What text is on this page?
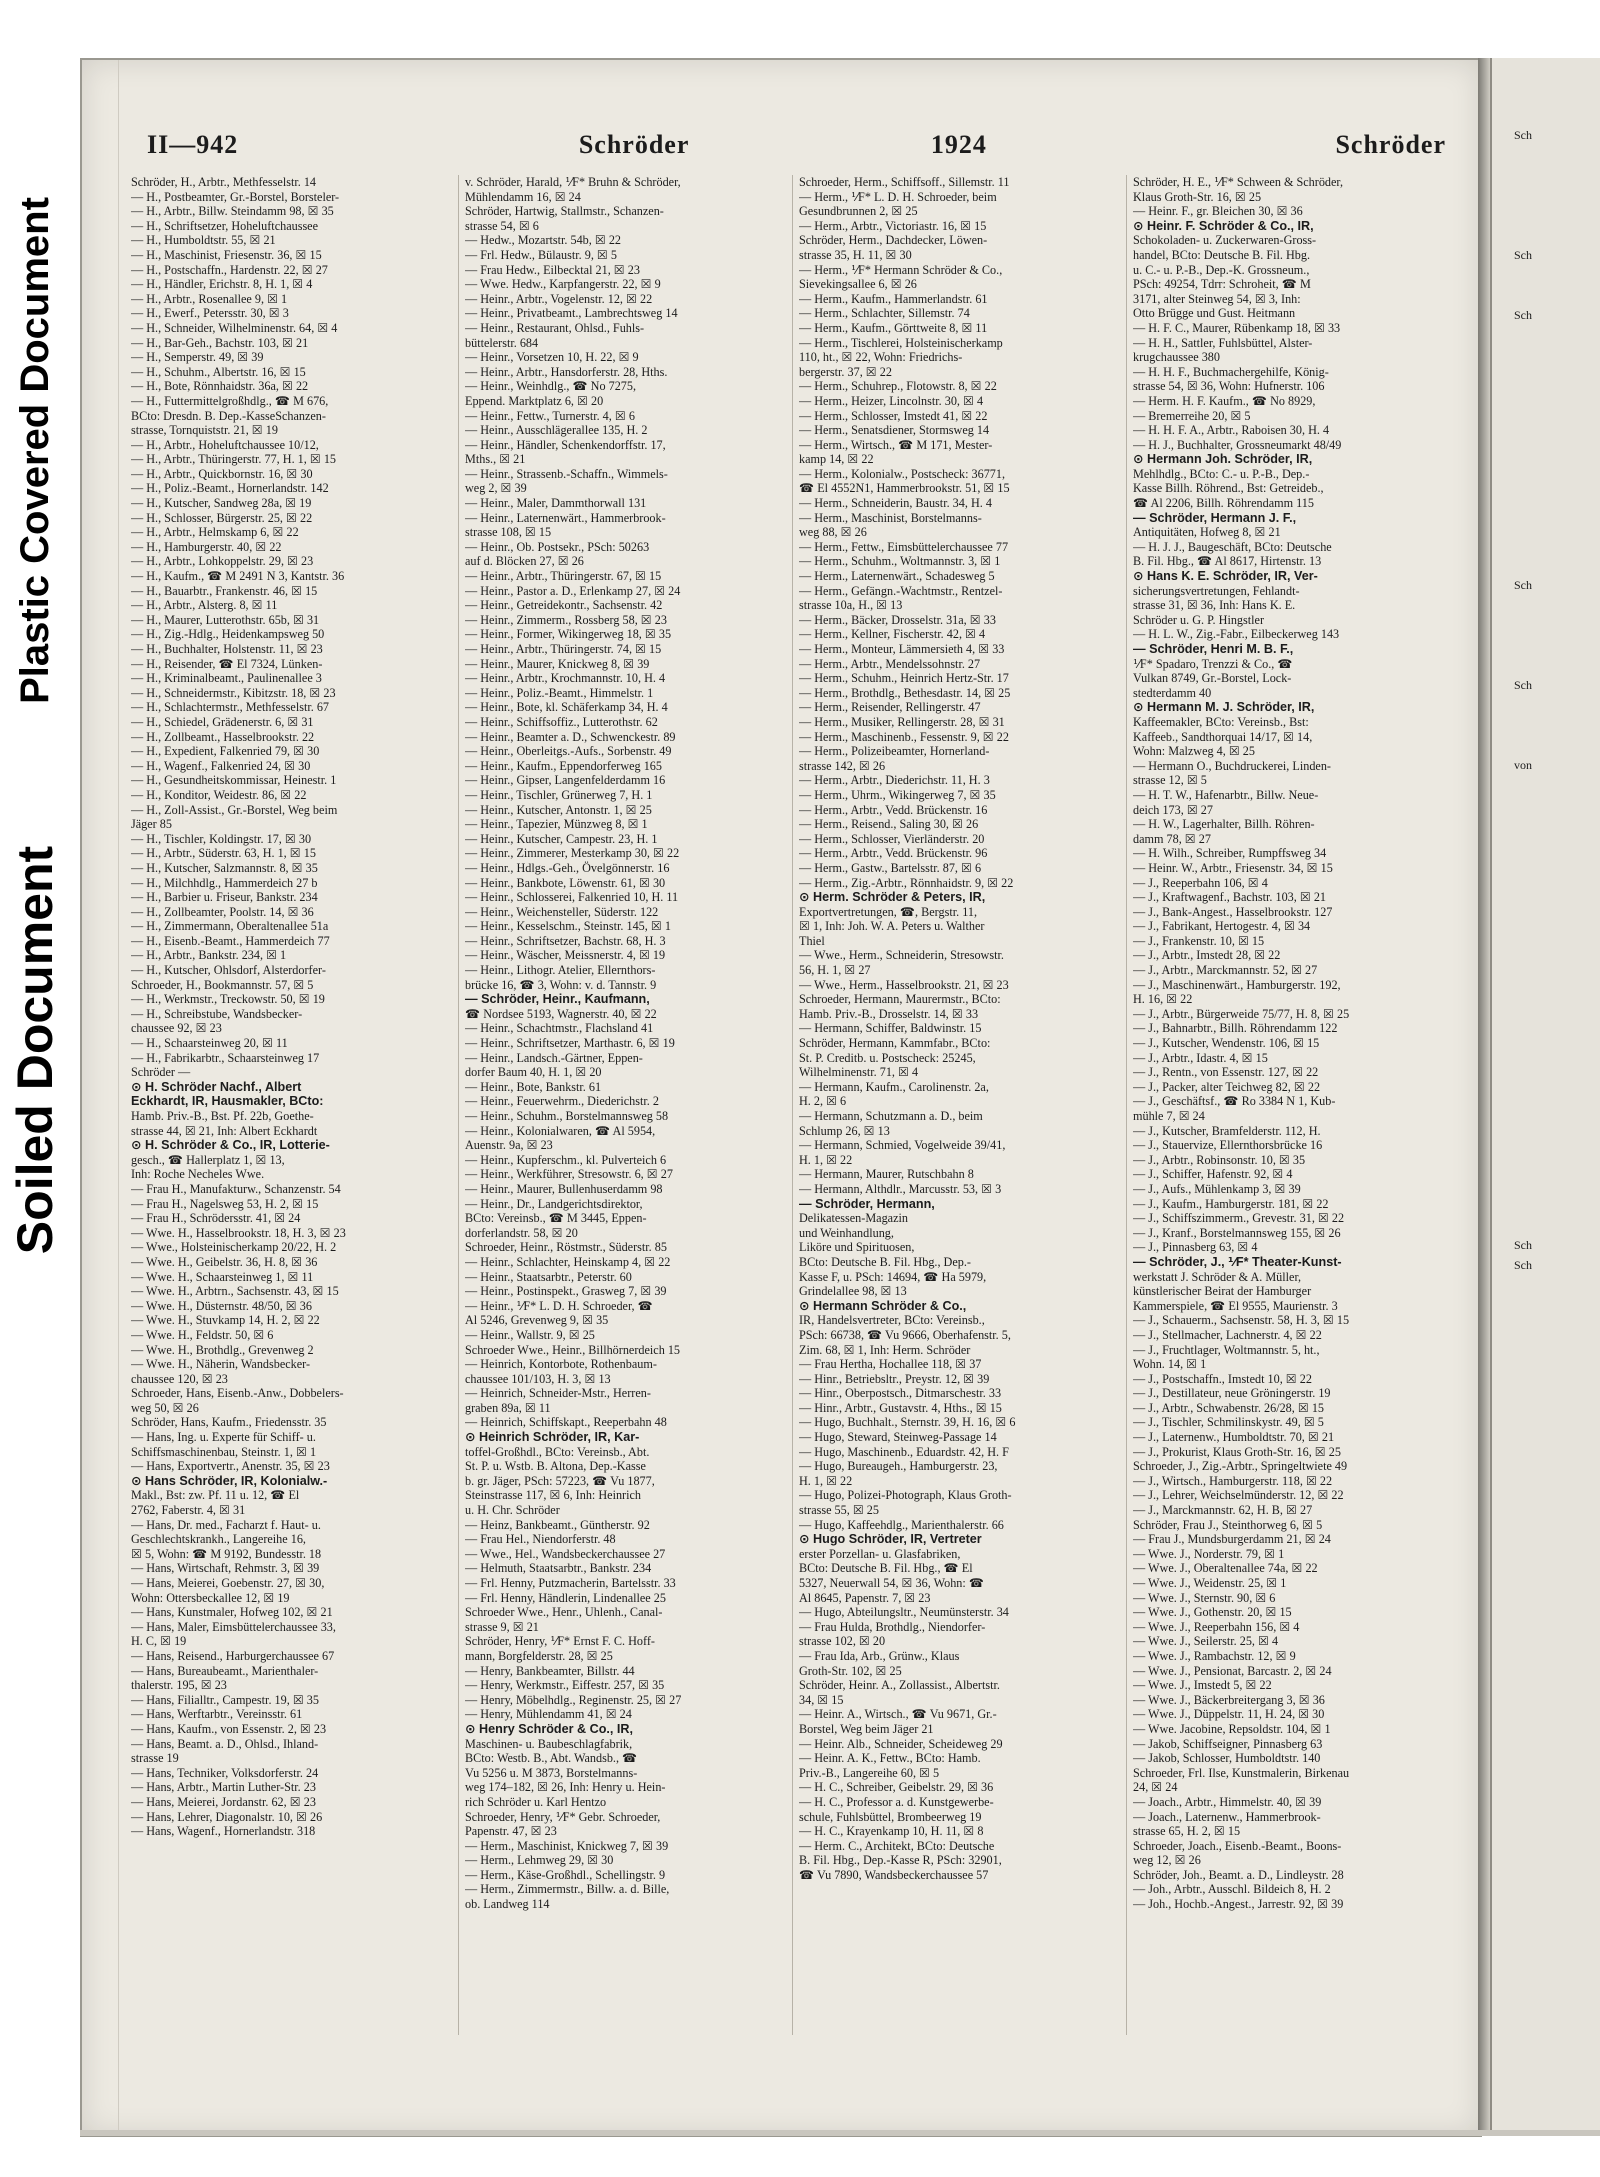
Plastic Covered Document
Soiled Document
II—942	Schröder	1924	Schröder

Schröder, H., Arbtr., Methfesselstr. 14

— H., Postbeamter, Gr.-Borstel, Borsteler-

— H., Arbtr., Billw. Steindamm 98, ☒ 35

— H., Schriftsetzer, Hoheluftchaussee

— H., Humboldtstr. 55, ☒ 21

— H., Maschinist, Friesenstr. 36, ☒ 15

— H., Postschaffn., Hardenstr. 22, ☒ 27

— H., Händler, Erichstr. 8, H. 1, ☒ 4

— H., Arbtr., Rosenallee 9, ☒ 1

— H., Ewerf., Petersstr. 30, ☒ 3

— H., Schneider, Wilhelminenstr. 64, ☒ 4

— H., Bar-Geh., Bachstr. 103, ☒ 21

— H., Semperstr. 49, ☒ 39

— H., Schuhm., Albertstr. 16, ☒ 15

— H., Bote, Rönnhaidstr. 36a, ☒ 22

— H., Futtermittelgroßhdlg., ☎ M 676,

BCto: Dresdn. B. Dep.-KasseSchanzen-

strasse, Tornquiststr. 21, ☒ 19

— H., Arbtr., Hoheluftchaussee 10/12,

— H., Arbtr., Thüringerstr. 77, H. 1, ☒ 15

— H., Arbtr., Quickbornstr. 16, ☒ 30

— H., Poliz.-Beamt., Hornerlandstr. 142

— H., Kutscher, Sandweg 28a, ☒ 19

— H., Schlosser, Bürgerstr. 25, ☒ 22

— H., Arbtr., Helmskamp 6, ☒ 22

— H., Hamburgerstr. 40, ☒ 22

— H., Arbtr., Lohkoppelstr. 29, ☒ 23

— H., Kaufm., ☎ M 2491 N 3, Kantstr. 36

— H., Bauarbtr., Frankenstr. 46, ☒ 15

— H., Arbtr., Alsterg. 8, ☒ 11

— H., Maurer, Lutterothstr. 65b, ☒ 31

— H., Zig.-Hdlg., Heidenkampsweg 50

— H., Buchhalter, Holstenstr. 11, ☒ 23

— H., Reisender, ☎ El 7324, Lünken-

— H., Kriminalbeamt., Paulinenallee 3

— H., Schneidermstr., Kibitzstr. 18, ☒ 23

— H., Schlachtermstr., Methfesselstr. 67

— H., Schiedel, Grädenerstr. 6, ☒ 31

— H., Zollbeamt., Hasselbrookstr. 22

— H., Expedient, Falkenried 79, ☒ 30

— H., Wagenf., Falkenried 24, ☒ 30

— H., Gesundheitskommissar, Heinestr. 1

— H., Konditor, Weidestr. 86, ☒ 22

— H., Zoll-Assist., Gr.-Borstel, Weg beim

Jäger 85

— H., Tischler, Koldingstr. 17, ☒ 30

— H., Arbtr., Süderstr. 63, H. 1, ☒ 15

— H., Kutscher, Salzmannstr. 8, ☒ 35

— H., Milchhdlg., Hammerdeich 27 b

— H., Barbier u. Friseur, Bankstr. 234

— H., Zollbeamter, Poolstr. 14, ☒ 36

— H., Zimmermann, Oberaltenallee 51a

— H., Eisenb.-Beamt., Hammerdeich 77

— H., Arbtr., Bankstr. 234, ☒ 1

— H., Kutscher, Ohlsdorf, Alsterdorfer-

Schroeder, H., Bookmannstr. 57, ☒ 5

— H., Werkmstr., Treckowstr. 50, ☒ 19

— H., Schreibstube, Wandsbecker-

chaussee 92, ☒ 23

— H., Schaarsteinweg 20, ☒ 11

— H., Fabrikarbtr., Schaarsteinweg 17

Schröder —

⊙ H. Schröder Nachf., Albert

Eckhardt, IR, Hausmakler, BCto:

Hamb. Priv.-B., Bst. Pf. 22b, Goethe-

strasse 44, ☒ 21, Inh: Albert Eckhardt

⊙ H. Schröder & Co., IR, Lotterie-

gesch., ☎ Hallerplatz 1, ☒ 13,

Inh: Roche Necheles Wwe.

— Frau H., Manufakturw., Schanzenstr. 54

— Frau H., Nagelsweg 53, H. 2, ☒ 15

— Frau H., Schrödersstr. 41, ☒ 24

— Wwe. H., Hasselbrookstr. 18, H. 3, ☒ 23

— Wwe., Holsteinischerkamp 20/22, H. 2

— Wwe. H., Geibelstr. 36, H. 8, ☒ 36

— Wwe. H., Schaarsteinweg 1, ☒ 11

— Wwe. H., Arbtrn., Sachsenstr. 43, ☒ 15

— Wwe. H., Düsternstr. 48/50, ☒ 36

— Wwe. H., Stuvkamp 14, H. 2, ☒ 22

— Wwe. H., Feldstr. 50, ☒ 6

— Wwe. H., Brothdlg., Grevenweg 2

— Wwe. H., Näherin, Wandsbecker-

chaussee 120, ☒ 23

Schroeder, Hans, Eisenb.-Anw., Dobbelers-

weg 50, ☒ 26

Schröder, Hans, Kaufm., Friedensstr. 35

— Hans, Ing. u. Experte für Schiff- u.

Schiffsmaschinenbau, Steinstr. 1, ☒ 1

— Hans, Exportvertr., Anenstr. 35, ☒ 23

⊙ Hans Schröder, IR, Kolonialw.-

Makl., Bst: zw. Pf. 11 u. 12, ☎ El

2762, Faberstr. 4, ☒ 31

— Hans, Dr. med., Facharzt f. Haut- u.

Geschlechtskrankh., Langereihe 16,

☒ 5, Wohn: ☎ M 9192, Bundesstr. 18

— Hans, Wirtschaft, Rehmstr. 3, ☒ 39

— Hans, Meierei, Goebenstr. 27, ☒ 30,

Wohn: Ottersbeckallee 12, ☒ 19

— Hans, Kunstmaler, Hofweg 102, ☒ 21

— Hans, Maler, Eimsbüttelerchaussee 33,

H. C, ☒ 19

— Hans, Reisend., Harburgerchaussee 67

— Hans, Bureaubeamt., Marienthaler-

thalerstr. 195, ☒ 23

— Hans, Filialltr., Campestr. 19, ☒ 35

— Hans, Werftarbtr., Vereinsstr. 61

— Hans, Kaufm., von Essenstr. 2, ☒ 23

— Hans, Beamt. a. D., Ohlsd., Ihland-

strasse 19

— Hans, Techniker, Volksdorferstr. 24

— Hans, Arbtr., Martin Luther-Str. 23

— Hans, Meierei, Jordanstr. 62, ☒ 23

— Hans, Lehrer, Diagonalstr. 10, ☒ 26

— Hans, Wagenf., Hornerlandstr. 318

v. Schröder, Harald, ⅟F* Bruhn & Schröder,

Mühlendamm 16, ☒ 24

Schröder, Hartwig, Stallmstr., Schanzen-

strasse 54, ☒ 6

— Hedw., Mozartstr. 54b, ☒ 22

— Frl. Hedw., Bülaustr. 9, ☒ 5

— Frau Hedw., Eilbecktal 21, ☒ 23

— Wwe. Hedw., Karpfangerstr. 22, ☒ 9

— Heinr., Arbtr., Vogelenstr. 12, ☒ 22

— Heinr., Privatbeamt., Lambrechtsweg 14

— Heinr., Restaurant, Ohlsd., Fuhls-

büttelerstr. 684

— Heinr., Vorsetzen 10, H. 22, ☒ 9

— Heinr., Arbtr., Hansdorferstr. 28, Hths.

— Heinr., Weinhdlg., ☎ No 7275,

Eppend. Marktplatz 6, ☒ 20

— Heinr., Fettw., Turnerstr. 4, ☒ 6

— Heinr., Ausschlägerallee 135, H. 2

— Heinr., Händler, Schenkendorffstr. 17,

Mths., ☒ 21

— Heinr., Strassenb.-Schaffn., Wimmels-

weg 2, ☒ 39

— Heinr., Maler, Dammthorwall 131

— Heinr., Laternenwärt., Hammerbrook-

strasse 108, ☒ 15

— Heinr., Ob. Postsekr., PSch: 50263

auf d. Blöcken 27, ☒ 26

— Heinr., Arbtr., Thüringerstr. 67, ☒ 15

— Heinr., Pastor a. D., Erlenkamp 27, ☒ 24

— Heinr., Getreidekontr., Sachsenstr. 42

— Heinr., Zimmerm., Rossberg 58, ☒ 23

— Heinr., Former, Wikingerweg 18, ☒ 35

— Heinr., Arbtr., Thüringerstr. 74, ☒ 15

— Heinr., Maurer, Knickweg 8, ☒ 39

— Heinr., Arbtr., Krochmannstr. 10, H. 4

— Heinr., Poliz.-Beamt., Himmelstr. 1

— Heinr., Bote, kl. Schäferkamp 34, H. 4

— Heinr., Schiffsoffiz., Lutterothstr. 62

— Heinr., Beamter a. D., Schwenckestr. 89

— Heinr., Oberleitgs.-Aufs., Sorbenstr. 49

— Heinr., Kaufm., Eppendorferweg 165

— Heinr., Gipser, Langenfelderdamm 16

— Heinr., Tischler, Grünerweg 7, H. 1

— Heinr., Kutscher, Antonstr. 1, ☒ 25

— Heinr., Tapezier, Münzweg 8, ☒ 1

— Heinr., Kutscher, Campestr. 23, H. 1

— Heinr., Zimmerer, Mesterkamp 30, ☒ 22

— Heinr., Hdlgs.-Geh., Övelgönnerstr. 16

— Heinr., Bankbote, Löwenstr. 61, ☒ 30

— Heinr., Schlosserei, Falkenried 10, H. 11

— Heinr., Weichensteller, Süderstr. 122

— Heinr., Kesselschm., Steinstr. 145, ☒ 1

— Heinr., Schriftsetzer, Bachstr. 68, H. 3

— Heinr., Wäscher, Meissnerstr. 4, ☒ 19

— Heinr., Lithogr. Atelier, Ellernthors-

brücke 16, ☎ 3, Wohn: v. d. Tannstr. 9

— Schröder, Heinr., Kaufmann,

☎ Nordsee 5193, Wagnerstr. 40, ☒ 22

— Heinr., Schachtmstr., Flachsland 41

— Heinr., Schriftsetzer, Marthastr. 6, ☒ 19

— Heinr., Landsch.-Gärtner, Eppen-

dorfer Baum 40, H. 1, ☒ 20

— Heinr., Bote, Bankstr. 61

— Heinr., Feuerwehrm., Diederichstr. 2

— Heinr., Schuhm., Borstelmannsweg 58

— Heinr., Kolonialwaren, ☎ Al 5954,

Auenstr. 9a, ☒ 23

— Heinr., Kupferschm., kl. Pulverteich 6

— Heinr., Werkführer, Stresowstr. 6, ☒ 27

— Heinr., Maurer, Bullenhuserdamm 98

— Heinr., Dr., Landgerichtsdirektor,

BCto: Vereinsb., ☎ M 3445, Eppen-

dorferlandstr. 58, ☒ 20

Schroeder, Heinr., Röstmstr., Süderstr. 85

— Heinr., Schlachter, Heinskamp 4, ☒ 22

— Heinr., Staatsarbtr., Peterstr. 60

— Heinr., Postinspekt., Grasweg 7, ☒ 39

— Heinr., ⅟F* L. D. H. Schroeder, ☎

Al 5246, Grevenweg 9, ☒ 35

— Heinr., Wallstr. 9, ☒ 25

Schroeder Wwe., Heinr., Billhörnerdeich 15

— Heinrich, Kontorbote, Rothenbaum-

chaussee 101/103, H. 3, ☒ 13

— Heinrich, Schneider-Mstr., Herren-

graben 89a, ☒ 11

— Heinrich, Schiffskapt., Reeperbahn 48

⊙ Heinrich Schröder, IR, Kar-

toffel-Großhdl., BCto: Vereinsb., Abt.

St. P. u. Wstb. B. Altona, Dep.-Kasse

b. gr. Jäger, PSch: 57223, ☎ Vu 1877,

Steinstrasse 117, ☒ 6, Inh: Heinrich

u. H. Chr. Schröder

— Heinz, Bankbeamt., Güntherstr. 92

— Frau Hel., Niendorferstr. 48

— Wwe., Hel., Wandsbeckerchaussee 27

— Helmuth, Staatsarbtr., Bankstr. 234

— Frl. Henny, Putzmacherin, Bartelsstr. 33

— Frl. Henny, Händlerin, Lindenallee 25

Schroeder Wwe., Henr., Uhlenh., Canal-

strasse 9, ☒ 21

Schröder, Henry, ⅟F* Ernst F. C. Hoff-

mann, Borgfelderstr. 28, ☒ 25

— Henry, Bankbeamter, Billstr. 44

— Henry, Werkmstr., Eiffestr. 257, ☒ 35

— Henry, Möbelhdlg., Reginenstr. 25, ☒ 27

— Henry, Mühlendamm 41, ☒ 24

⊙ Henry Schröder & Co., IR,

Maschinen- u. Baubeschlagfabrik,

BCto: Westb. B., Abt. Wandsb., ☎

Vu 5256 u. M 3873, Borstelmanns-

weg 174–182, ☒ 26, Inh: Henry u. Hein-

rich Schröder u. Karl Hentzo

Schroeder, Henry, ⅟F* Gebr. Schroeder,

Papenstr. 47, ☒ 23

— Herm., Maschinist, Knickweg 7, ☒ 39

— Herm., Lehmweg 29, ☒ 30

— Herm., Käse-Großhdl., Schellingstr. 9

— Herm., Zimmermstr., Billw. a. d. Bille,

ob. Landweg 114

Schroeder, Herm., Schiffsoff., Sillemstr. 11

— Herm., ⅟F* L. D. H. Schroeder, beim

Gesundbrunnen 2, ☒ 25

— Herm., Arbtr., Victoriastr. 16, ☒ 15

Schröder, Herm., Dachdecker, Löwen-

strasse 35, H. 11, ☒ 30

— Herm., ⅟F* Hermann Schröder & Co.,

Sievekingsallee 6, ☒ 26

— Herm., Kaufm., Hammerlandstr. 61

— Herm., Schlachter, Sillemstr. 74

— Herm., Kaufm., Görttweite 8, ☒ 11

— Herm., Tischlerei, Holsteinischerkamp

110, ht., ☒ 22, Wohn: Friedrichs-

bergerstr. 37, ☒ 22

— Herm., Schuhrep., Flotowstr. 8, ☒ 22

— Herm., Heizer, Lincolnstr. 30, ☒ 4

— Herm., Schlosser, Imstedt 41, ☒ 22

— Herm., Senatsdiener, Stormsweg 14

— Herm., Wirtsch., ☎ M 171, Mester-

kamp 14, ☒ 22

— Herm., Kolonialw., Postscheck: 36771,

☎ El 4552N1, Hammerbrookstr. 51, ☒ 15

— Herm., Schneiderin, Baustr. 34, H. 4

— Herm., Maschinist, Borstelmanns-

weg 88, ☒ 26

— Herm., Fettw., Eimsbüttelerchaussee 77

— Herm., Schuhm., Woltmannstr. 3, ☒ 1

— Herm., Laternenwärt., Schadesweg 5

— Herm., Gefängn.-Wachtmstr., Rentzel-

strasse 10a, H., ☒ 13

— Herm., Bäcker, Drosselstr. 31a, ☒ 33

— Herm., Kellner, Fischerstr. 42, ☒ 4

— Herm., Monteur, Lämmersieth 4, ☒ 33

— Herm., Arbtr., Mendelssohnstr. 27

— Herm., Schuhm., Heinrich Hertz-Str. 17

— Herm., Brothdlg., Bethesdastr. 14, ☒ 25

— Herm., Reisender, Rellingerstr. 47

— Herm., Musiker, Rellingerstr. 28, ☒ 31

— Herm., Maschinenb., Fessenstr. 9, ☒ 22

— Herm., Polizeibeamter, Hornerland-

strasse 142, ☒ 26

— Herm., Arbtr., Diederichstr. 11, H. 3

— Herm., Uhrm., Wikingerweg 7, ☒ 35

— Herm., Arbtr., Vedd. Brückenstr. 16

— Herm., Reisend., Saling 30, ☒ 26

— Herm., Schlosser, Vierländerstr. 20

— Herm., Arbtr., Vedd. Brückenstr. 96

— Herm., Gastw., Bartelsstr. 87, ☒ 6

— Herm., Zig.-Arbtr., Rönnhaidstr. 9, ☒ 22

⊙ Herm. Schröder & Peters, IR,

Exportvertretungen, ☎, Bergstr. 11,

☒ 1, Inh: Joh. W. A. Peters u. Walther

Thiel

— Wwe., Herm., Schneiderin, Stresowstr.

56, H. 1, ☒ 27

— Wwe., Herm., Hasselbrookstr. 21, ☒ 23

Schroeder, Hermann, Maurermstr., BCto:

Hamb. Priv.-B., Drosselstr. 14, ☒ 33

— Hermann, Schiffer, Baldwinstr. 15

Schröder, Hermann, Kammfabr., BCto:

St. P. Creditb. u. Postscheck: 25245,

Wilhelminenstr. 71, ☒ 4

— Hermann, Kaufm., Carolinenstr. 2a,

H. 2, ☒ 6

— Hermann, Schutzmann a. D., beim

Schlump 26, ☒ 13

— Hermann, Schmied, Vogelweide 39/41,

H. 1, ☒ 22

— Hermann, Maurer, Rutschbahn 8

— Hermann, Althdlr., Marcusstr. 53, ☒ 3

— Schröder, Hermann,

Delikatessen-Magazin

und Weinhandlung,

Liköre und Spirituosen,

BCto: Deutsche B. Fil. Hbg., Dep.-

Kasse F, u. PSch: 14694, ☎ Ha 5979,

Grindelallee 98, ☒ 13

⊙ Hermann Schröder & Co.,

IR, Handelsvertreter, BCto: Vereinsb.,

PSch: 66738, ☎ Vu 9666, Oberhafenstr. 5,

Zim. 68, ☒ 1, Inh: Herm. Schröder

— Frau Hertha, Hochallee 118, ☒ 37

— Hinr., Betriebsltr., Preystr. 12, ☒ 39

— Hinr., Oberpostsch., Ditmarschestr. 33

— Hinr., Arbtr., Gustavstr. 4, Hths., ☒ 15

— Hugo, Buchhalt., Sternstr. 39, H. 16, ☒ 6

— Hugo, Steward, Steinweg-Passage 14

— Hugo, Maschinenb., Eduardstr. 42, H. F

— Hugo, Bureaugeh., Hamburgerstr. 23,

H. 1, ☒ 22

— Hugo, Polizei-Photograph, Klaus Groth-

strasse 55, ☒ 25

— Hugo, Kaffeehdlg., Marienthalerstr. 66

⊙ Hugo Schröder, IR, Vertreter

erster Porzellan- u. Glasfabriken,

BCto: Deutsche B. Fil. Hbg., ☎ El

5327, Neuerwall 54, ☒ 36, Wohn: ☎

Al 8645, Papenstr. 7, ☒ 23

— Hugo, Abteilungsltr., Neumünsterstr. 34

— Frau Hulda, Brothdlg., Niendorfer-

strasse 102, ☒ 20

— Frau Ida, Arb., Grünw., Klaus

Groth-Str. 102, ☒ 25

Schröder, Heinr. A., Zollassist., Albertstr.

34, ☒ 15

— Heinr. A., Wirtsch., ☎ Vu 9671, Gr.-

Borstel, Weg beim Jäger 21

— Heinr. Alb., Schneider, Scheideweg 29

— Heinr. A. K., Fettw., BCto: Hamb.

Priv.-B., Langereihe 60, ☒ 5

— H. C., Schreiber, Geibelstr. 29, ☒ 36

— H. C., Professor a. d. Kunstgewerbe-

schule, Fuhlsbüttel, Brombeerweg 19

— H. C., Krayenkamp 10, H. 11, ☒ 8

— Herm. C., Architekt, BCto: Deutsche

B. Fil. Hbg., Dep.-Kasse R, PSch: 32901,

☎ Vu 7890, Wandsbeckerchaussee 57

Schröder, H. E., ⅟F* Schween & Schröder,

Klaus Groth-Str. 16, ☒ 25

— Heinr. F., gr. Bleichen 30, ☒ 36

⊙ Heinr. F. Schröder & Co., IR,

Schokoladen- u. Zuckerwaren-Gross-

handel, BCto: Deutsche B. Fil. Hbg.

u. C.- u. P.-B., Dep.-K. Grossneum.,

PSch: 49254, Tdrr: Schroheit, ☎ M

3171, alter Steinweg 54, ☒ 3, Inh:

Otto Brügge und Gust. Heitmann

— H. F. C., Maurer, Rübenkamp 18, ☒ 33

— H. H., Sattler, Fuhlsbüttel, Alster-

krugchaussee 380

— H. H. F., Buchmachergehilfe, König-

strasse 54, ☒ 36, Wohn: Hufnerstr. 106

— Herm. H. F. Kaufm., ☎ No 8929,

— Bremerreihe 20, ☒ 5

— H. H. F. A., Arbtr., Raboisen 30, H. 4

— H. J., Buchhalter, Grossneumarkt 48/49

⊙ Hermann Joh. Schröder, IR,

Mehlhdlg., BCto: C.- u. P.-B., Dep.-

Kasse Billh. Röhrend., Bst: Getreideb.,

☎ Al 2206, Billh. Röhrendamm 115

— Schröder, Hermann J. F.,

Antiquitäten, Hofweg 8, ☒ 21

— H. J. J., Baugeschäft, BCto: Deutsche

B. Fil. Hbg., ☎ Al 8617, Hirtenstr. 13

⊙ Hans K. E. Schröder, IR, Ver-

sicherungsvertretungen, Fehlandt-

strasse 31, ☒ 36, Inh: Hans K. E.

Schröder u. G. P. Hingstler

— H. L. W., Zig.-Fabr., Eilbeckerweg 143

— Schröder, Henri M. B. F.,

⅟F* Spadaro, Trenzzi & Co., ☎

Vulkan 8749, Gr.-Borstel, Lock-

stedterdamm 40

⊙ Hermann M. J. Schröder, IR,

Kaffeemakler, BCto: Vereinsb., Bst:

Kaffeeb., Sandthorquai 14/17, ☒ 14,

Wohn: Malzweg 4, ☒ 25

— Hermann O., Buchdruckerei, Linden-

strasse 12, ☒ 5

— H. T. W., Hafenarbtr., Billw. Neue-

deich 173, ☒ 27

— H. W., Lagerhalter, Billh. Röhren-

damm 78, ☒ 27

— H. Wilh., Schreiber, Rumpffsweg 34

— Heinr. W., Arbtr., Friesenstr. 34, ☒ 15

— J., Reeperbahn 106, ☒ 4

— J., Kraftwagenf., Bachstr. 103, ☒ 21

— J., Bank-Angest., Hasselbrookstr. 127

— J., Fabrikant, Hertogestr. 4, ☒ 34

— J., Frankenstr. 10, ☒ 15

— J., Arbtr., Imstedt 28, ☒ 22

— J., Arbtr., Marckmannstr. 52, ☒ 27

— J., Maschinenwärt., Hamburgerstr. 192,

H. 16, ☒ 22

— J., Arbtr., Bürgerweide 75/77, H. 8, ☒ 25

— J., Bahnarbtr., Billh. Röhrendamm 122

— J., Kutscher, Wendenstr. 106, ☒ 15

— J., Arbtr., Idastr. 4, ☒ 15

— J., Rentn., von Essenstr. 127, ☒ 22

— J., Packer, alter Teichweg 82, ☒ 22

— J., Geschäftsf., ☎ Ro 3384 N 1, Kub-

mühle 7, ☒ 24

— J., Kutscher, Bramfelderstr. 112, H.

— J., Stauervize, Ellernthorsbrücke 16

— J., Arbtr., Robinsonstr. 10, ☒ 35

— J., Schiffer, Hafenstr. 92, ☒ 4

— J., Aufs., Mühlenkamp 3, ☒ 39

— J., Kaufm., Hamburgerstr. 181, ☒ 22

— J., Schiffszimmerm., Grevestr. 31, ☒ 22

— J., Kranf., Borstelmannsweg 155, ☒ 26

— J., Pinnasberg 63, ☒ 4

— Schröder, J., ⅟F* Theater-Kunst-

werkstatt J. Schröder & A. Müller,

künstlerischer Beirat der Hamburger

Kammerspiele, ☎ El 9555, Maurienstr. 3

— J., Schauerm., Sachsenstr. 58, H. 3, ☒ 15

— J., Stellmacher, Lachnerstr. 4, ☒ 22

— J., Fruchtlager, Woltmannstr. 5, ht.,

Wohn. 14, ☒ 1

— J., Postschaffn., Imstedt 10, ☒ 22

— J., Destillateur, neue Gröningerstr. 19

— J., Arbtr., Schwabenstr. 26/28, ☒ 15

— J., Tischler, Schmilinskystr. 49, ☒ 5

— J., Laternenw., Humboldtstr. 70, ☒ 21

— J., Prokurist, Klaus Groth-Str. 16, ☒ 25

Schroeder, J., Zig.-Arbtr., Springeltwiete 49

— J., Wirtsch., Hamburgerstr. 118, ☒ 22

— J., Lehrer, Weichselmünderstr. 12, ☒ 22

— J., Marckmannstr. 62, H. B, ☒ 27

Schröder, Frau J., Steinthorweg 6, ☒ 5

— Frau J., Mundsburgerdamm 21, ☒ 24

— Wwe. J., Norderstr. 79, ☒ 1

— Wwe. J., Oberaltenallee 74a, ☒ 22

— Wwe. J., Weidenstr. 25, ☒ 1

— Wwe. J., Sternstr. 90, ☒ 6

— Wwe. J., Gothenstr. 20, ☒ 15

— Wwe. J., Reeperbahn 156, ☒ 4

— Wwe. J., Seilerstr. 25, ☒ 4

— Wwe. J., Rambachstr. 12, ☒ 9

— Wwe. J., Pensionat, Barcastr. 2, ☒ 24

— Wwe. J., Imstedt 5, ☒ 22

— Wwe. J., Bäckerbreitergang 3, ☒ 36

— Wwe. J., Düppelstr. 11, H. 24, ☒ 30

— Wwe. Jacobine, Repsoldstr. 104, ☒ 1

— Jakob, Schiffseigner, Pinnasberg 63

— Jakob, Schlosser, Humboldtstr. 140

Schroeder, Frl. Ilse, Kunstmalerin, Birkenau

24, ☒ 24

— Joach., Arbtr., Himmelstr. 40, ☒ 39

— Joach., Laternenw., Hammerbrook-

strasse 65, H. 2, ☒ 15

Schroeder, Joach., Eisenb.-Beamt., Boons-

weg 12, ☒ 26

Schröder, Joh., Beamt. a. D., Lindleystr. 28

— Joh., Arbtr., Ausschl. Bildeich 8, H. 2

— Joh., Hochb.-Angest., Jarrestr. 92, ☒ 39

Sch
Sch
Sch
Sch
Sch
von
Sch
Sch
